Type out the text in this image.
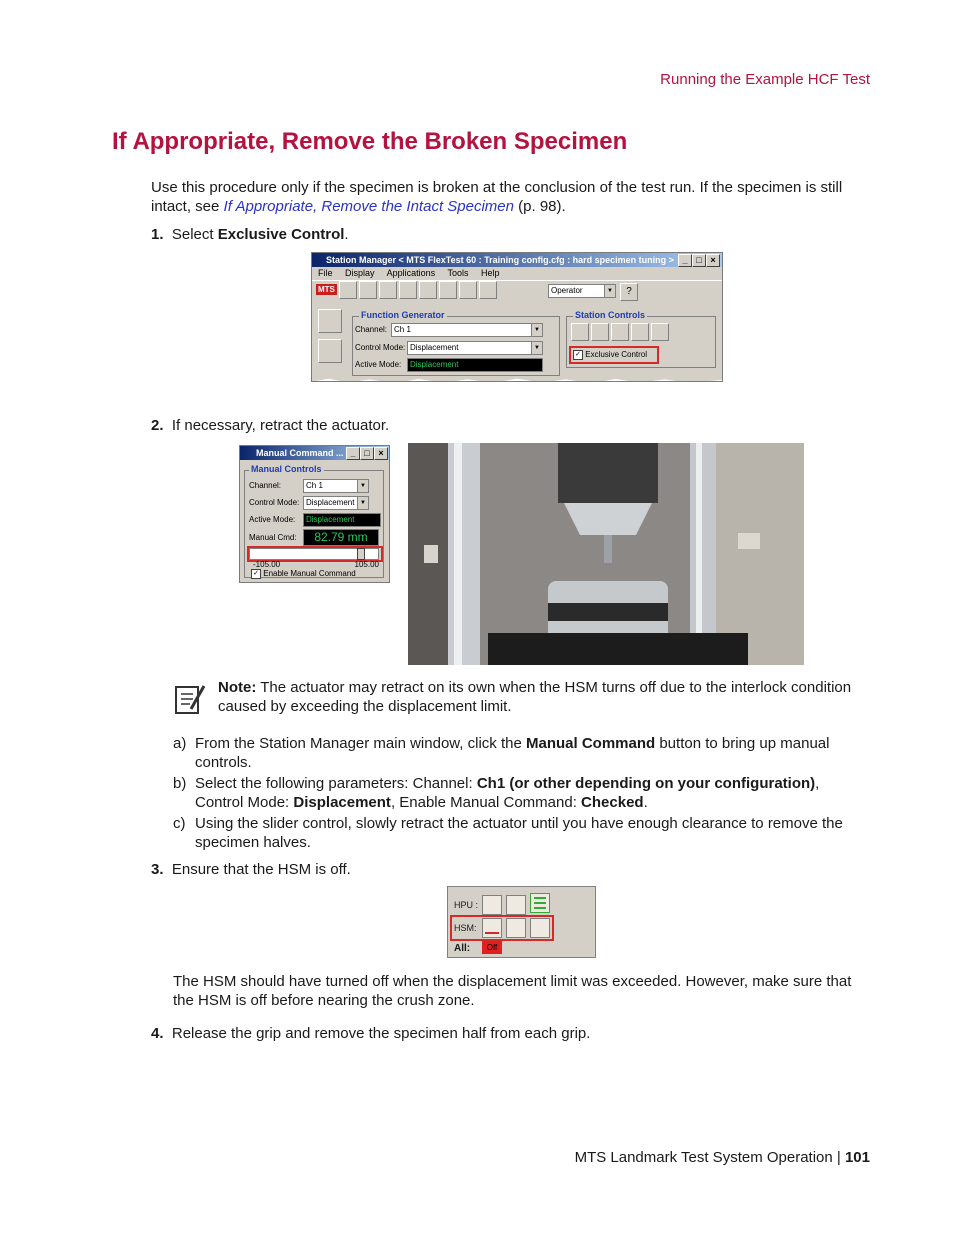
Running the Example HCF Test
If Appropriate, Remove the Broken Specimen
Use this procedure only if the specimen is broken at the conclusion of the test run. If the specimen is still
intact, see If Appropriate, Remove the Intact Specimen (p. 98).
1. Select Exclusive Control.
Station Manager < MTS FlexTest 60 : Training config.cfg : hard specimen tuning > _ □ ×
File Display Applications Tools Help
MTS	Operator	▼	?

Function Generator
Channel: Ch 1	▼
Control Mode: Displacement	▼
Active Mode:	Displacement
Station Controls
✓ Exclusive Control
2. If necessary, retract the actuator.
Manual Command ... _ □ ×
Manual Controls
Channel:	Ch 1	▼
Control Mode: Displacement ▼
Active Mode:	Displacement
Manual Cmd:	82.79 mm
-105.00	105.00
✓ Enable Manual Command
Note: The actuator may retract on its own when the HSM turns off due to the interlock condition
caused by exceeding the displacement limit.
a) From the Station Manager main window, click the Manual Command button to bring up manual
controls.
b) Select the following parameters: Channel: Ch1 (or other depending on your configuration),
Control Mode: Displacement, Enable Manual Command: Checked.
c) Using the slider control, slowly retract the actuator until you have enough clearance to remove the
specimen halves.
3. Ensure that the HSM is off.
HPU :
HSM:
All:	Off
The HSM should have turned off when the displacement limit was exceeded. However, make sure that
the HSM is off before nearing the crush zone.
4. Release the grip and remove the specimen half from each grip.
MTS Landmark Test System Operation | 101
